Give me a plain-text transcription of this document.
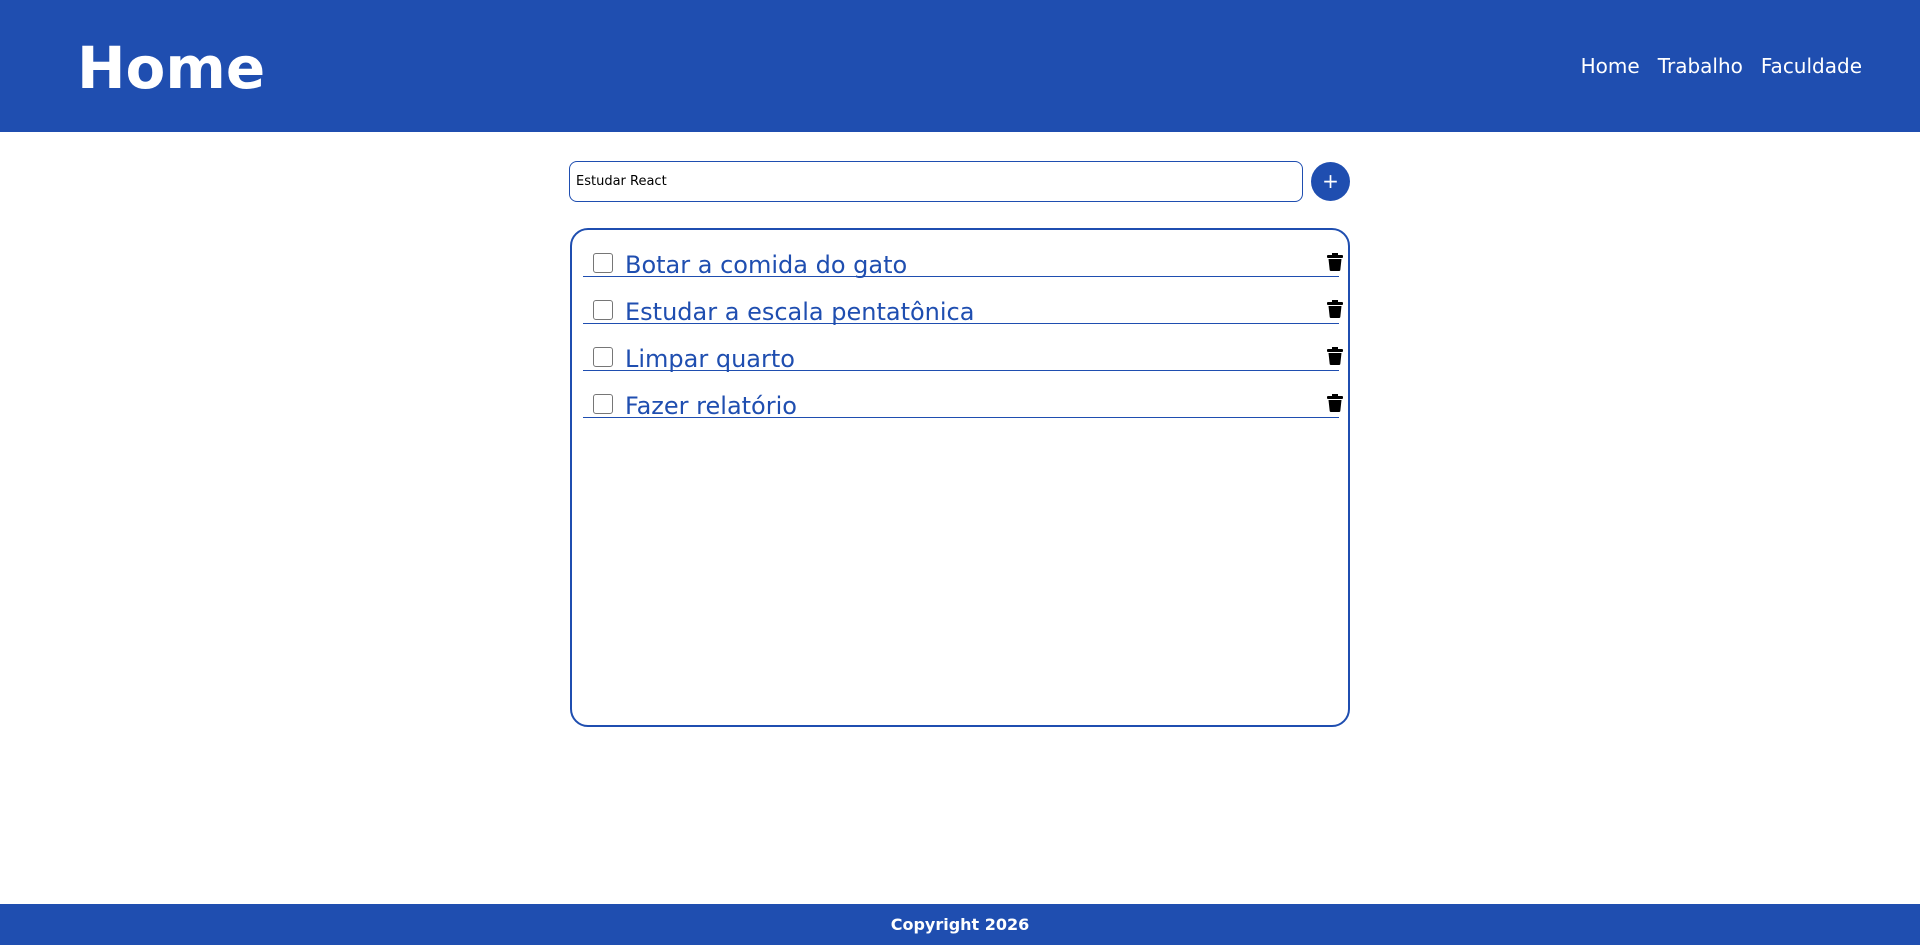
Home	Home Trabalho Faculdade
Estudar React
+
Botar a comida do gato
Estudar a escala pentatônica
Limpar quarto
Fazer relatório
Copyright 2026
